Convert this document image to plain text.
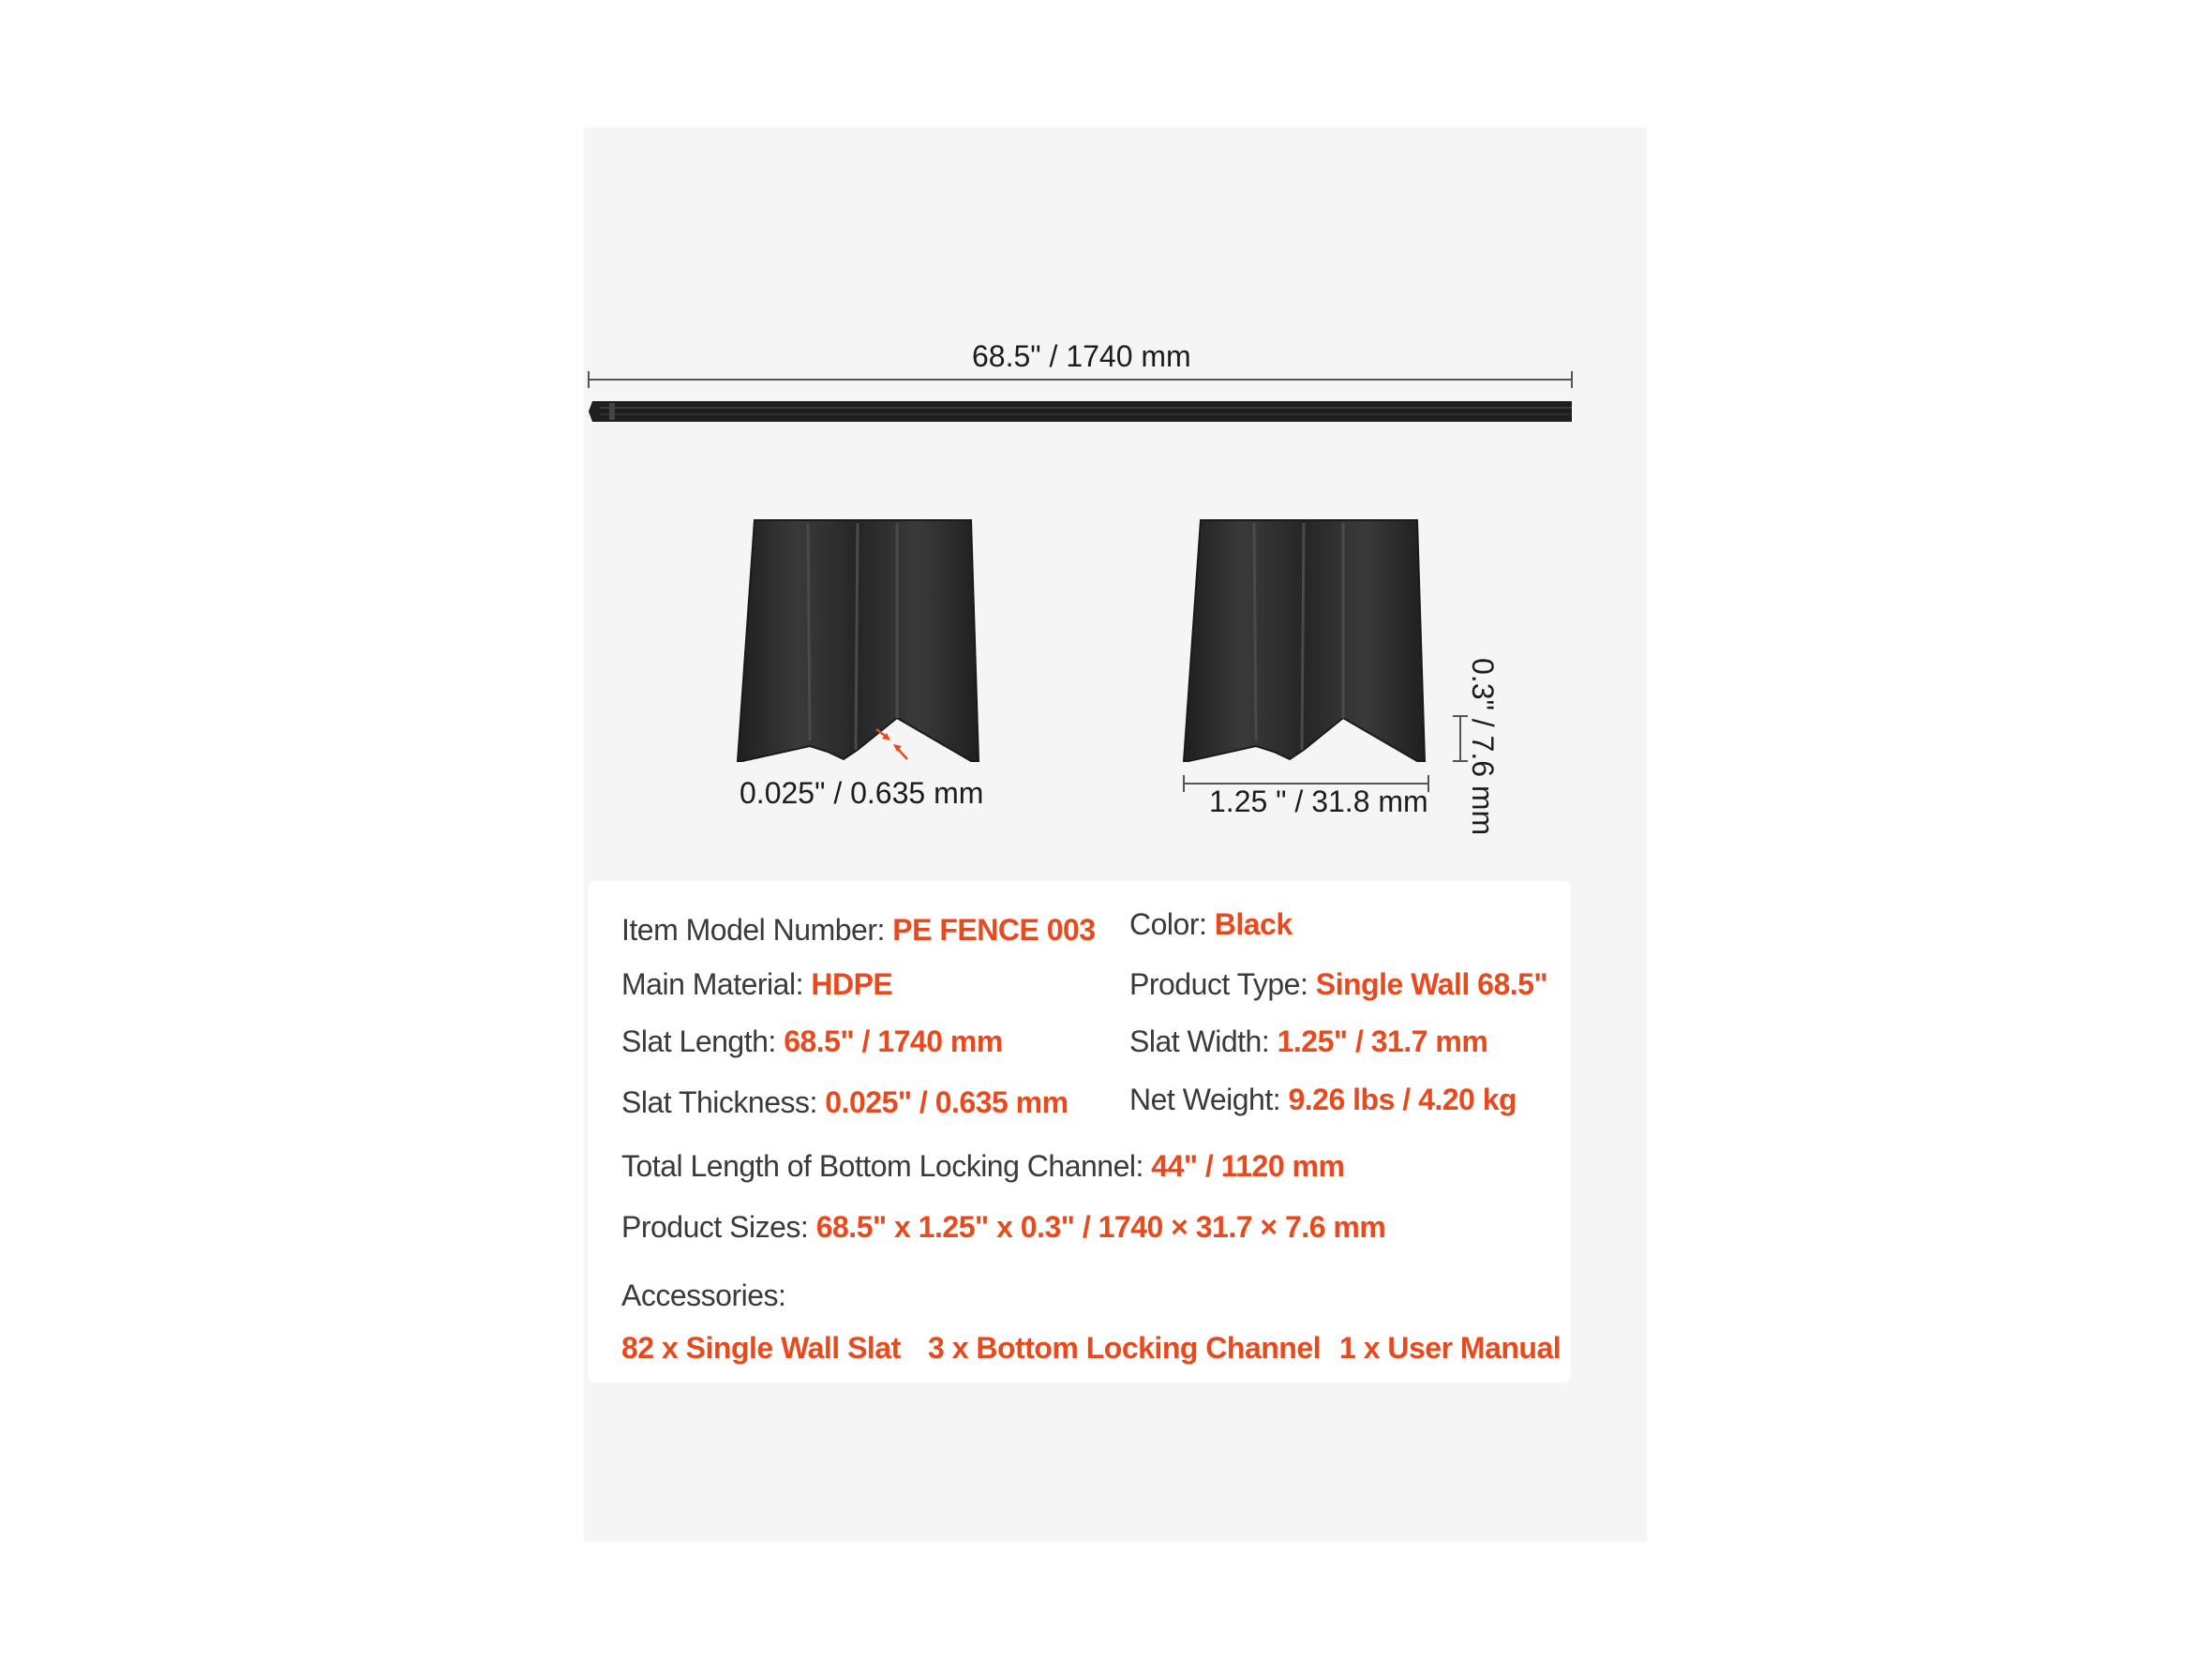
68.5" / 1740 mm
0.025" / 0.635 mm	1.25 " / 31.8 mm 0.3" / 7.6 mm
Item Model Number: PE FENCE 003 Color: Black
Main Material: HDPE	Product Type: Single Wall 68.5"
Slat Length: 68.5" / 1740 mm	Slat Width: 1.25" / 31.7 mm
Slat Thickness: 0.025" / 0.635 mm Net Weight: 9.26 lbs / 4.20 kg
Total Length of Bottom Locking Channel: 44" / 1120 mm
Product Sizes: 68.5" x 1.25" x 0.3" / 1740 × 31.7 × 7.6 mm
Accessories:
82 x Single Wall Slat 3 x Bottom Locking Channel 1 x User Manual
